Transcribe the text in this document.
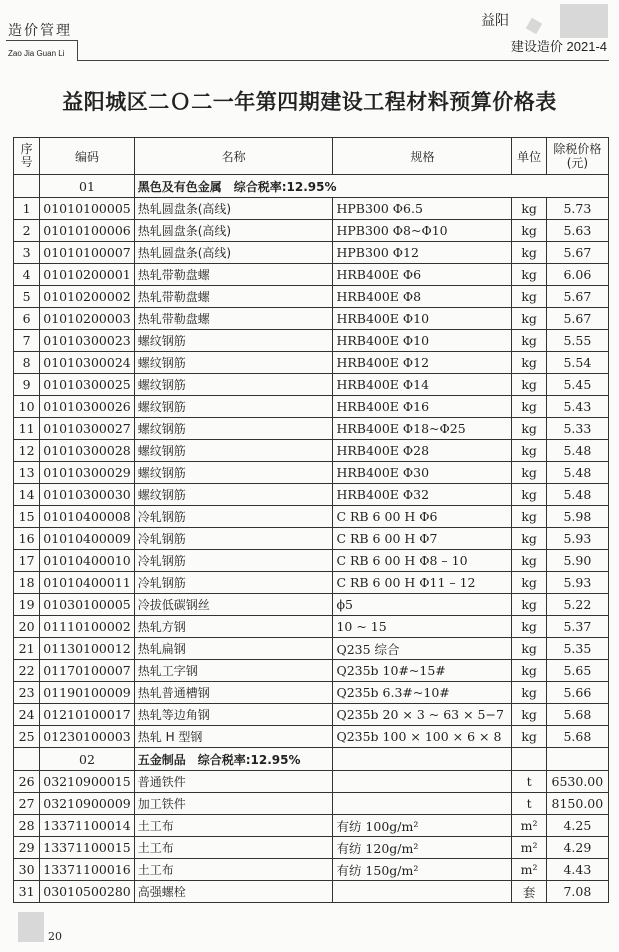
造价管理
Zao Jia Guan Li
益阳
建设造价 2021-4
益阳城区二Ｏ二一年第四期建设工程材料预算价格表
序号	编码	名称	规格	单位	除税价格(元)
	01	黑色及有色金属　综合税率:12.95%			
1	01010100005	热轧圆盘条(高线)	HPB300 Φ6.5	kg	5.73
2	01010100006	热轧圆盘条(高线)	HPB300 Φ8~Φ10	kg	5.63
3	01010100007	热轧圆盘条(高线)	HPB300 Φ12	kg	5.67
4	01010200001	热轧带勒盘螺	HRB400E Φ6	kg	6.06
5	01010200002	热轧带勒盘螺	HRB400E Φ8	kg	5.67
6	01010200003	热轧带勒盘螺	HRB400E Φ10	kg	5.67
7	01010300023	螺纹钢筋	HRB400E Φ10	kg	5.55
8	01010300024	螺纹钢筋	HRB400E Φ12	kg	5.54
9	01010300025	螺纹钢筋	HRB400E Φ14	kg	5.45
10	01010300026	螺纹钢筋	HRB400E Φ16	kg	5.43
11	01010300027	螺纹钢筋	HRB400E Φ18~Φ25	kg	5.33
12	01010300028	螺纹钢筋	HRB400E Φ28	kg	5.48
13	01010300029	螺纹钢筋	HRB400E Φ30	kg	5.48
14	01010300030	螺纹钢筋	HRB400E Φ32	kg	5.48
15	01010400008	冷轧钢筋	C RB 6 00 H Φ6	kg	5.98
16	01010400009	冷轧钢筋	C RB 6 00 H Φ7	kg	5.93
17	01010400010	冷轧钢筋	C RB 6 00 H Φ8 – 10	kg	5.90
18	01010400011	冷轧钢筋	C RB 6 00 H Φ11 – 12	kg	5.93
19	01030100005	冷拔低碳钢丝	ϕ5	kg	5.22
20	01110100002	热轧方钢	10 ~ 15	kg	5.37
21	01130100012	热轧扁钢	Q235 综合	kg	5.35
22	01170100007	热轧工字钢	Q235b 10#~15#	kg	5.65
23	01190100009	热轧普通槽钢	Q235b 6.3#~10#	kg	5.66
24	01210100017	热轧等边角钢	Q235b 20 × 3 ~ 63 × 5−7	kg	5.68
25	01230100003	热轧 H 型钢	Q235b 100 × 100 × 6 × 8	kg	5.68
	02	五金制品　综合税率:12.95%			
26	03210900015	普通铁件		t	6530.00
27	03210900009	加工铁件		t	8150.00
28	13371100014	土工布	有纺 100g/m²	m²	4.25
29	13371100015	土工布	有纺 120g/m²	m²	4.29
30	13371100016	土工布	有纺 150g/m²	m²	4.43
31	03010500280	高强螺栓		套	7.08
20
